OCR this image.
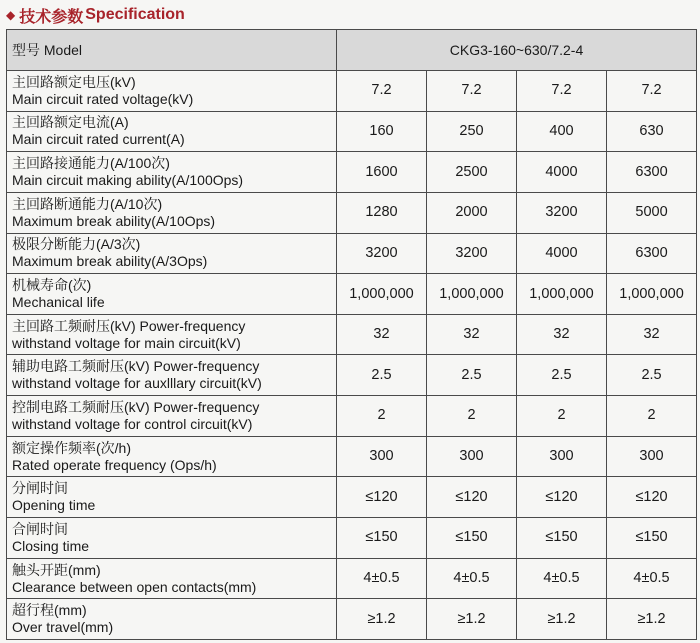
◆ 技术参数 Specification
型号 Model	CKG3-160~630/7.2-4			

主回路额定电压(kV)
Main circuit rated voltage(kV)	7.2	7.2	7.2	7.2

主回路额定电流(A)
Main circuit rated current(A)	160	250	400	630

主回路接通能力(A/100次)
Main circuit making ability(A/100Ops)	1600	2500	4000	6300

主回路断通能力(A/10次)
Maximum break ability(A/10Ops)	1280	2000	3200	5000

极限分断能力(A/3次)
Maximum break ability(A/3Ops)	3200	3200	4000	6300

机械寿命(次)
Mechanical life	1,000,000	1,000,000	1,000,000	1,000,000

主回路工频耐压(kV) Power-frequency
withstand voltage for main circuit(kV)	32	32	32	32

辅助电路工频耐压(kV) Power-frequency
withstand voltage for auxlllary circuit(kV)	2.5	2.5	2.5	2.5

控制电路工频耐压(kV) Power-frequency
withstand voltage for control circuit(kV)	2	2	2	2

额定操作频率(次/h)
Rated operate frequency (Ops/h)	300	300	300	300

分闸时间
Opening time	≤120	≤120	≤120	≤120

合闸时间
Closing time	≤150	≤150	≤150	≤150

触头开距(mm)
Clearance between open contacts(mm)	4±0.5	4±0.5	4±0.5	4±0.5

超行程(mm)
Over travel(mm)	≥1.2	≥1.2	≥1.2	≥1.2
